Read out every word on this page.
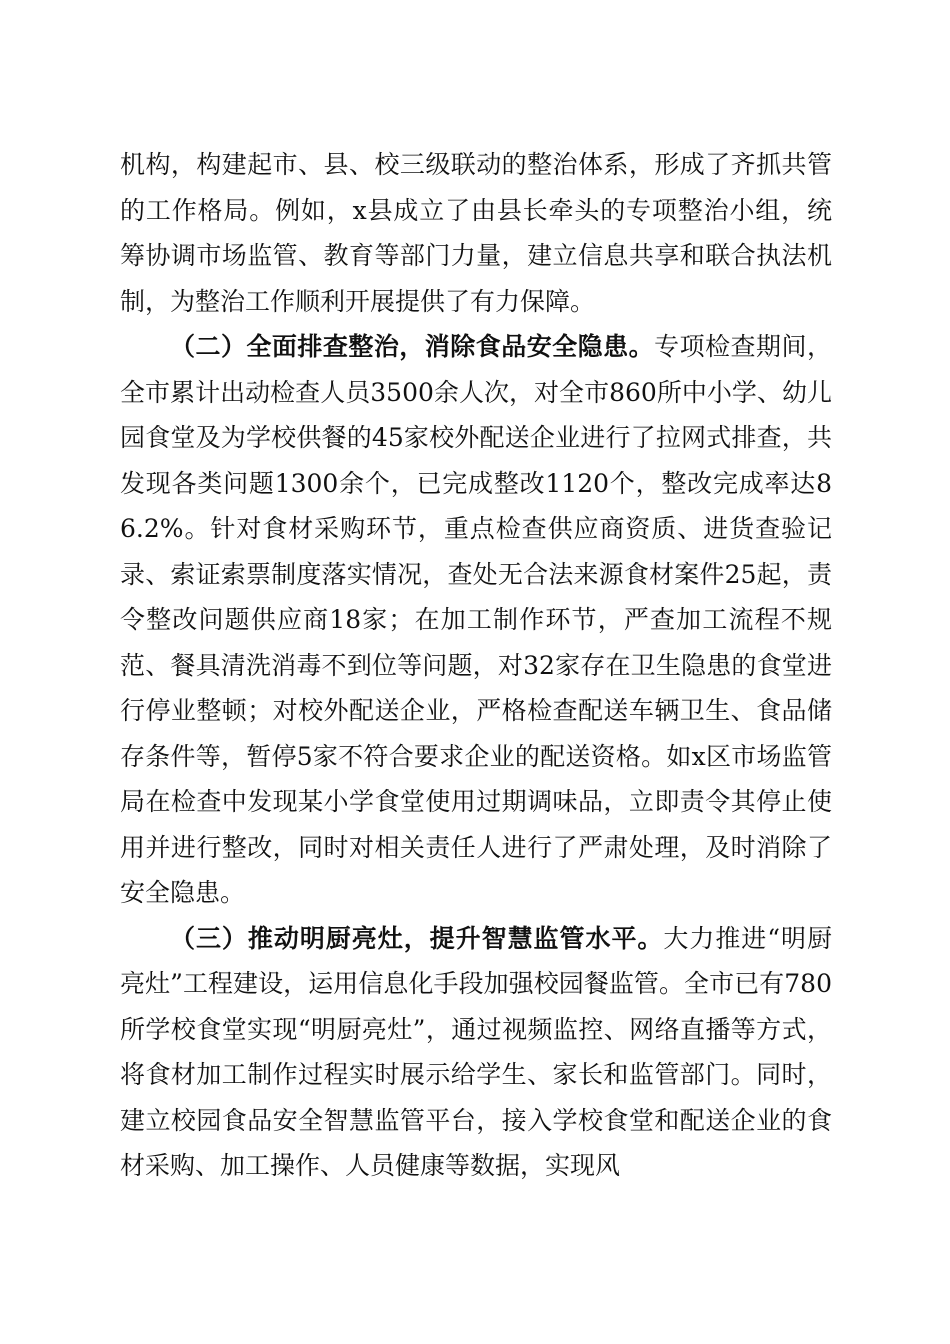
机构，构建起市、县、校三级联动的整治体系，形成了齐抓共管的工作格局。例如，x县成立了由县长牵头的专项整治小组，统筹协调市场监管、教育等部门力量，建立信息共享和联合执法机制，为整治工作顺利开展提供了有力保障。

（二）全面排查整治，消除食品安全隐患。专项检查期间，全市累计出动检查人员3500余人次，对全市860所中小学、幼儿园食堂及为学校供餐的45家校外配送企业进行了拉网式排查，共发现各类问题1300余个，已完成整改1120个，整改完成率达86.2%。针对食材采购环节，重点检查供应商资质、进货查验记录、索证索票制度落实情况，查处无合法来源食材案件25起，责令整改问题供应商18家；在加工制作环节，严查加工流程不规范、餐具清洗消毒不到位等问题，对32家存在卫生隐患的食堂进行停业整顿；对校外配送企业，严格检查配送车辆卫生、食品储存条件等，暂停5家不符合要求企业的配送资格。如x区市场监管局在检查中发现某小学食堂使用过期调味品，立即责令其停止使用并进行整改，同时对相关责任人进行了严肃处理，及时消除了安全隐患。

（三）推动明厨亮灶，提升智慧监管水平。大力推进“明厨亮灶”工程建设，运用信息化手段加强校园餐监管。全市已有780所学校食堂实现“明厨亮灶”，通过视频监控、网络直播等方式，将食材加工制作过程实时展示给学生、家长和监管部门。同时，建立校园食品安全智慧监管平台，接入学校食堂和配送企业的食材采购、加工操作、人员健康等数据，实现风
